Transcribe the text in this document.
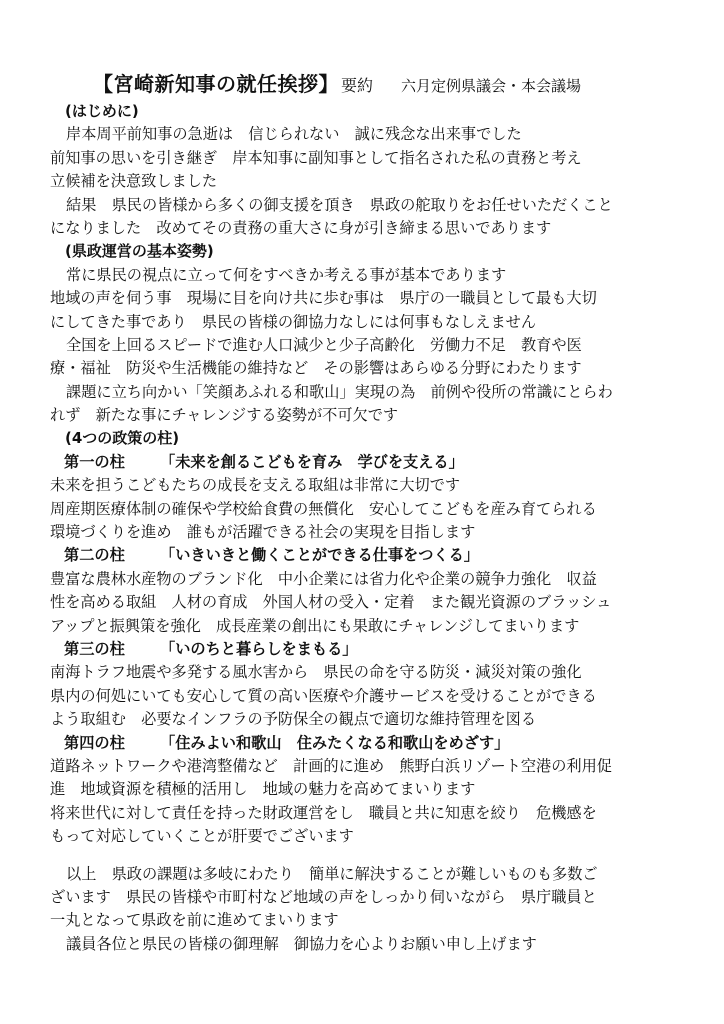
【宮崎新知事の就任挨拶】 要約 六月定例県議会・本会議場
(はじめに)
岸本周平前知事の急逝は　信じられない　誠に残念な出来事でした
前知事の思いを引き継ぎ　岸本知事に副知事として指名された私の責務と考え
立候補を決意致しました
結果　県民の皆様から多くの御支援を頂き　県政の舵取りをお任せいただくこと
になりました　改めてその責務の重大さに身が引き締まる思いであります
(県政運営の基本姿勢)
常に県民の視点に立って何をすべきか考える事が基本であります
地域の声を伺う事　現場に目を向け共に歩む事は　県庁の一職員として最も大切
にしてきた事であり　県民の皆様の御協力なしには何事もなしえません
全国を上回るスピードで進む人口減少と少子高齢化　労働力不足　教育や医
療・福祉　防災や生活機能の維持など　その影響はあらゆる分野にわたります
課題に立ち向かい「笑顔あふれる和歌山」実現の為　前例や役所の常識にとらわ
れず　新たな事にチャレンジする姿勢が不可欠です
(4つの政策の柱)
第一の柱 「未来を創るこどもを育み　学びを支える」
未来を担うこどもたちの成長を支える取組は非常に大切です
周産期医療体制の確保や学校給食費の無償化　安心してこどもを産み育てられる
環境づくりを進め　誰もが活躍できる社会の実現を目指します
第二の柱 「いきいきと働くことができる仕事をつくる」
豊富な農林水産物のブランド化　中小企業には省力化や企業の競争力強化　収益
性を高める取組　人材の育成　外国人材の受入・定着　また観光資源のブラッシュ
アップと振興策を強化　成長産業の創出にも果敢にチャレンジしてまいります
第三の柱 「いのちと暮らしをまもる」
南海トラフ地震や多発する風水害から　県民の命を守る防災・減災対策の強化
県内の何処にいても安心して質の高い医療や介護サービスを受けることができる
よう取組む　必要なインフラの予防保全の観点で適切な維持管理を図る
第四の柱 「住みよい和歌山　住みたくなる和歌山をめざす」
道路ネットワークや港湾整備など　計画的に進め　熊野白浜リゾート空港の利用促
進　地域資源を積極的活用し　地域の魅力を高めてまいります
将来世代に対して責任を持った財政運営をし　職員と共に知恵を絞り　危機感を
もって対応していくことが肝要でございます
以上　県政の課題は多岐にわたり　簡単に解決することが難しいものも多数ご
ざいます　県民の皆様や市町村など地域の声をしっかり伺いながら　県庁職員と
一丸となって県政を前に進めてまいります
議員各位と県民の皆様の御理解　御協力を心よりお願い申し上げます
